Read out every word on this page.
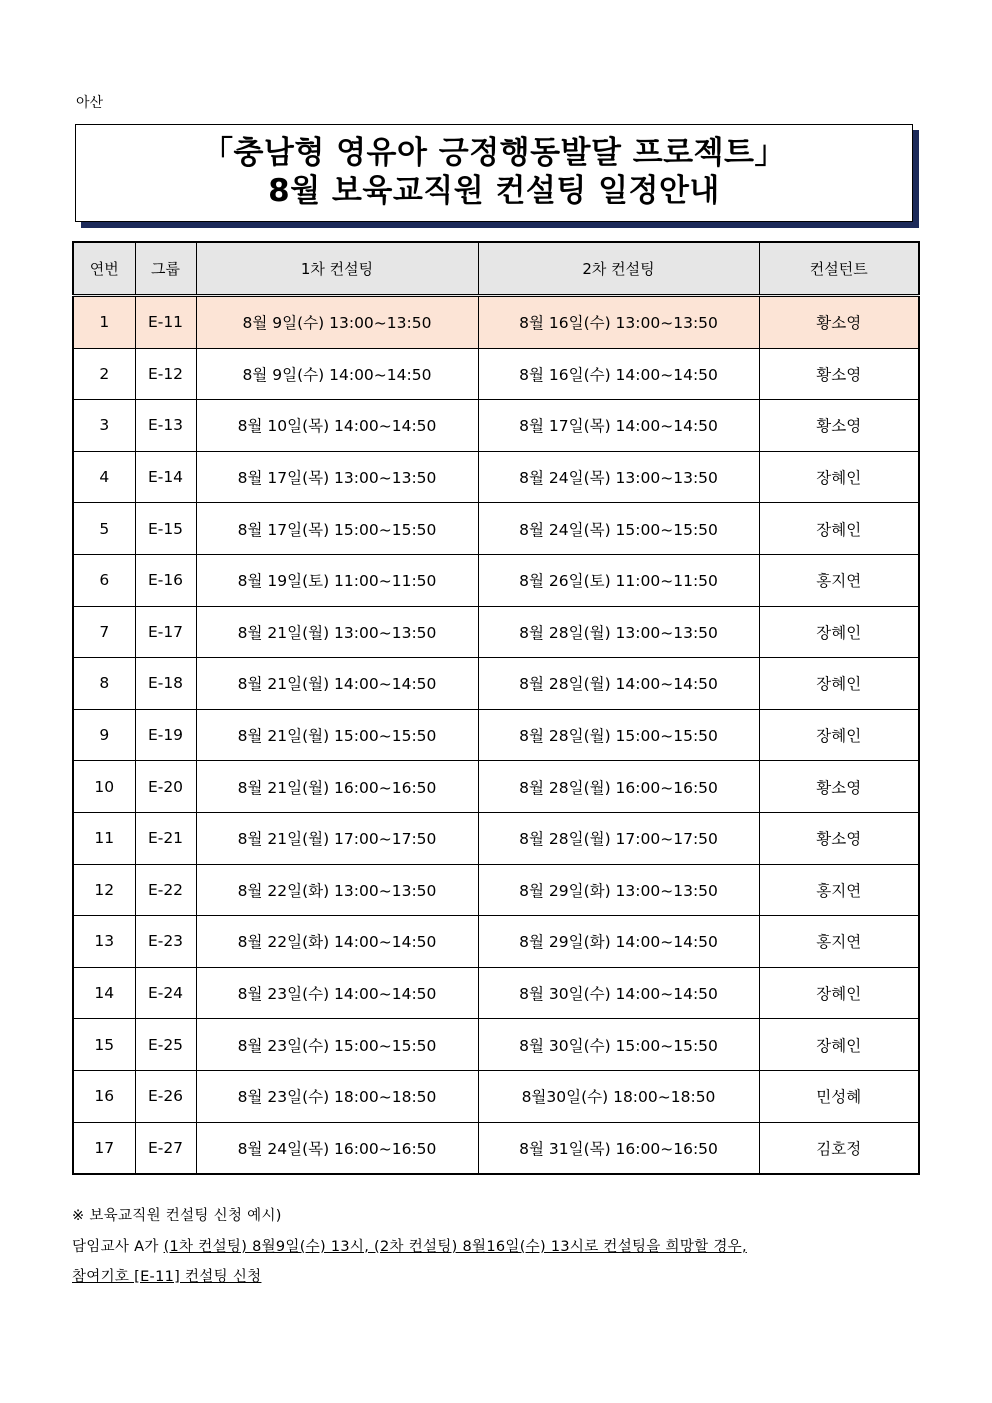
아산
「충남형 영유아 긍정행동발달 프로젝트」
8월 보육교직원 컨설팅 일정안내
연번	그룹	1차 컨설팅	2차 컨설팅	컨설턴트
1	E-11	8월 9일(수) 13:00~13:50	8월 16일(수) 13:00~13:50	황소영
2	E-12	8월 9일(수) 14:00~14:50	8월 16일(수) 14:00~14:50	황소영
3	E-13	8월 10일(목) 14:00~14:50	8월 17일(목) 14:00~14:50	황소영
4	E-14	8월 17일(목) 13:00~13:50	8월 24일(목) 13:00~13:50	장혜인
5	E-15	8월 17일(목) 15:00~15:50	8월 24일(목) 15:00~15:50	장혜인
6	E-16	8월 19일(토) 11:00~11:50	8월 26일(토) 11:00~11:50	홍지연
7	E-17	8월 21일(월) 13:00~13:50	8월 28일(월) 13:00~13:50	장혜인
8	E-18	8월 21일(월) 14:00~14:50	8월 28일(월) 14:00~14:50	장혜인
9	E-19	8월 21일(월) 15:00~15:50	8월 28일(월) 15:00~15:50	장혜인
10	E-20	8월 21일(월) 16:00~16:50	8월 28일(월) 16:00~16:50	황소영
11	E-21	8월 21일(월) 17:00~17:50	8월 28일(월) 17:00~17:50	황소영
12	E-22	8월 22일(화) 13:00~13:50	8월 29일(화) 13:00~13:50	홍지연
13	E-23	8월 22일(화) 14:00~14:50	8월 29일(화) 14:00~14:50	홍지연
14	E-24	8월 23일(수) 14:00~14:50	8월 30일(수) 14:00~14:50	장혜인
15	E-25	8월 23일(수) 15:00~15:50	8월 30일(수) 15:00~15:50	장혜인
16	E-26	8월 23일(수) 18:00~18:50	8월30일(수) 18:00~18:50	민성혜
17	E-27	8월 24일(목) 16:00~16:50	8월 31일(목) 16:00~16:50	김호정
※ 보육교직원 컨설팅 신청 예시)
담임교사 A가 (1차 컨설팅) 8월9일(수) 13시, (2차 컨설팅) 8월16일(수) 13시로 컨설팅을 희망할 경우,
참여기호 [E-11] 컨설팅 신청
